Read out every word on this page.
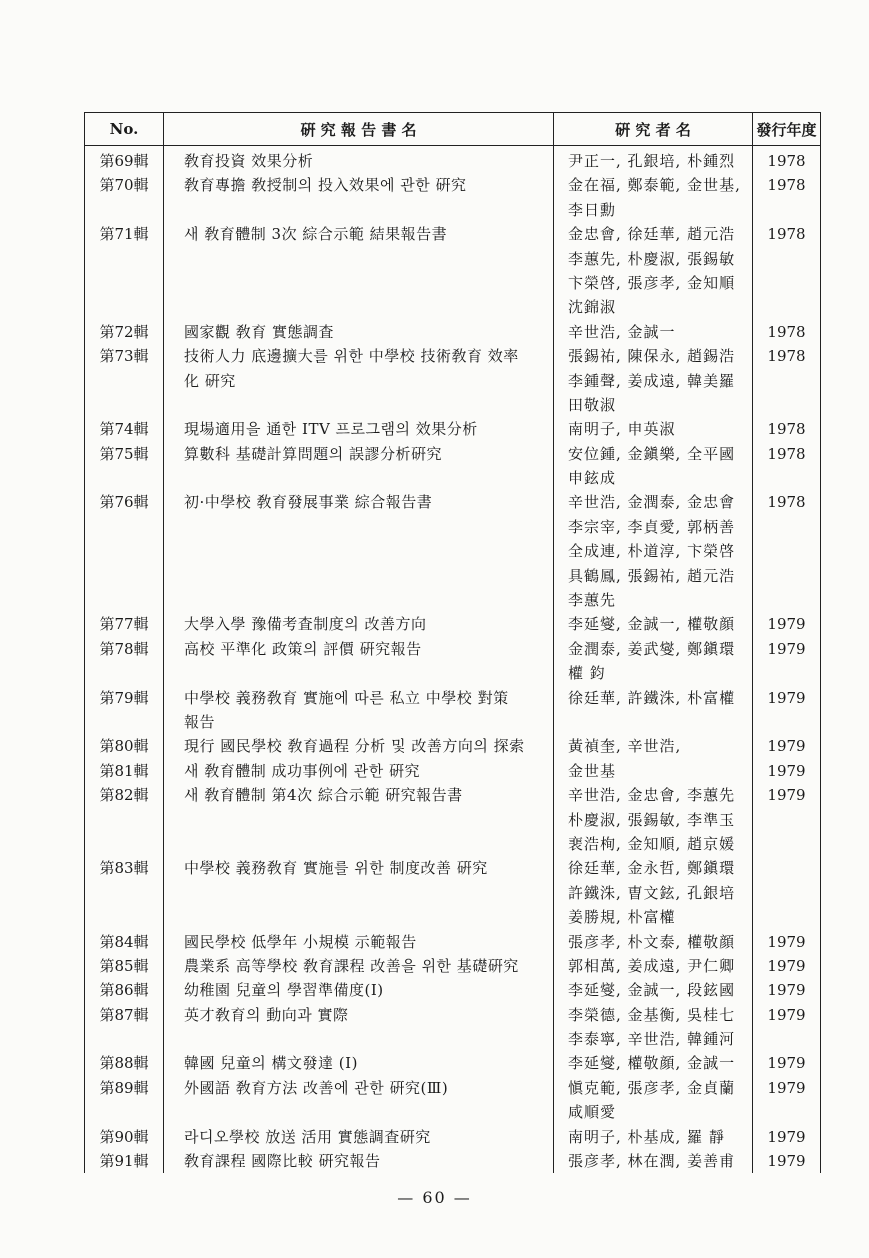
No.	硏 究 報 告 書 名	硏 究 者 名	發行年度

第69輯	敎育投資 效果分析	尹正一, 孔銀培, 朴鍾烈	1978

第70輯	敎育專擔 敎授制의 投入效果에 관한 硏究	金在福, 鄭泰範, 金世基,
李日勳	1978

第71輯	새 敎育體制 3次 綜合示範 結果報告書	金忠會, 徐廷華, 趙元浩
李蕙先, 朴慶淑, 張錫敏
卞榮啓, 張彦孝, 金知順
沈錦淑	1978

第72輯	國家觀 敎育 實態調査	辛世浩, 金誠一	1978

第73輯	技術人力 底邊擴大를 위한 中學校 技術敎育 效率
化 硏究	張錫祐, 陳保永, 趙錫浩
李鍾聲, 姜成遠, 韓美羅
田敬淑	1978

第74輯	現場適用을 通한 ITV 프로그램의 效果分析	南明子, 申英淑	1978

第75輯	算數科 基礎計算問題의 誤謬分析硏究	安位鍾, 金鎭樂, 全平國
申鉉成	1978

第76輯	初·中學校 敎育發展事業 綜合報告書	辛世浩, 金潤泰, 金忠會
李宗宰, 李貞愛, 郭柄善
全成連, 朴道淳, 卞榮啓
具鶴鳳, 張錫祐, 趙元浩
李蕙先	1978

第77輯	大學入學 豫備考査制度의 改善方向	李延燮, 金誠一, 權敬顔	1979

第78輯	高校 平準化 政策의 評價 硏究報告	金潤泰, 姜武燮, 鄭鎭環
權 鈞	1979

第79輯	中學校 義務敎育 實施에 따른 私立 中學校 對策
報告	徐廷華, 許鐵洙, 朴富權	1979

第80輯	現行 國民學校 敎育過程 分析 및 改善方向의 探索	黃禎奎, 辛世浩,	1979

第81輯	새 敎育體制 成功事例에 관한 硏究	金世基	1979

第82輯	새 敎育體制 第4次 綜合示範 硏究報告書	辛世浩, 金忠會, 李蕙先
朴慶淑, 張錫敏, 李準玉
裵浩栒, 金知順, 趙京媛	1979

第83輯	中學校 義務敎育 實施를 위한 制度改善 硏究	徐廷華, 金永哲, 鄭鎭環
許鐵洙, 曺文鉉, 孔銀培
姜勝規, 朴富權	

第84輯	國民學校 低學年 小規模 示範報告	張彦孝, 朴文泰, 權敬顔	1979

第85輯	農業系 高等學校 敎育課程 改善을 위한 基礎硏究	郭相萬, 姜成遠, 尹仁卿	1979

第86輯	幼稚園 兒童의 學習準備度(Ⅰ)	李延燮, 金誠一, 段鉉國	1979

第87輯	英才敎育의 動向과 實際	李榮德, 金基衡, 吳桂七
李泰寧, 辛世浩, 韓鍾河	1979

第88輯	韓國 兒童의 構文發達 (Ⅰ)	李延燮, 權敬顔, 金誠一	1979

第89輯	外國語 敎育方法 改善에 관한 硏究(Ⅲ)	愼克範, 張彦孝, 金貞蘭
咸順愛	1979

第90輯	라디오學校 放送 活用 實態調査硏究	南明子, 朴基成, 羅 靜	1979

第91輯	敎育課程 國際比較 硏究報告	張彦孝, 林在潤, 姜善甫	1979
— 60 —
